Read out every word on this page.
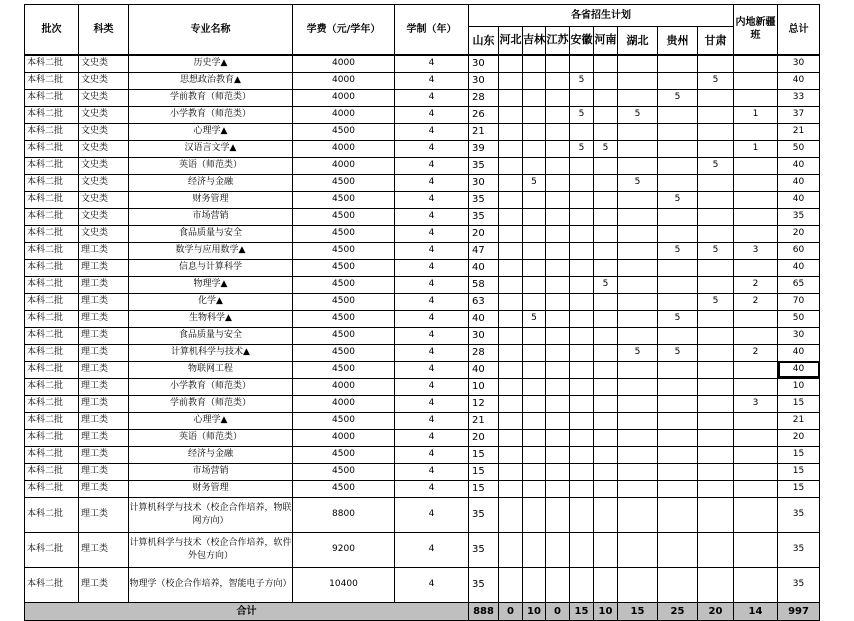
批次	科类	专业名称	学费（元/学年）	学制（年）	各省招生计划									内地新疆班	总计
					山东	河北	吉林	江苏	安徽	河南	湖北	贵州	甘肃		
本科二批	文史类	历史学▲	4000	4	30										30
本科二批	文史类	思想政治教育▲	4000	4	30				5				5		40
本科二批	文史类	学前教育（师范类）	4000	4	28							5			33
本科二批	文史类	小学教育（师范类）	4000	4	26				5		5			1	37
本科二批	文史类	心理学▲	4500	4	21										21
本科二批	文史类	汉语言文学▲	4000	4	39				5	5				1	50
本科二批	文史类	英语（师范类）	4000	4	35								5		40
本科二批	文史类	经济与金融	4500	4	30		5				5				40
本科二批	文史类	财务管理	4500	4	35							5			40
本科二批	文史类	市场营销	4500	4	35										35
本科二批	文史类	食品质量与安全	4500	4	20										20
本科二批	理工类	数学与应用数学▲	4500	4	47							5	5	3	60
本科二批	理工类	信息与计算科学	4500	4	40										40
本科二批	理工类	物理学▲	4500	4	58					5				2	65
本科二批	理工类	化学▲	4500	4	63								5	2	70
本科二批	理工类	生物科学▲	4500	4	40		5					5			50
本科二批	理工类	食品质量与安全	4500	4	30										30
本科二批	理工类	计算机科学与技术▲	4500	4	28						5	5		2	40
本科二批	理工类	物联网工程	4500	4	40										40
本科二批	理工类	小学教育（师范类）	4000	4	10										10
本科二批	理工类	学前教育（师范类）	4000	4	12									3	15
本科二批	理工类	心理学▲	4500	4	21										21
本科二批	理工类	英语（师范类）	4000	4	20										20
本科二批	理工类	经济与金融	4500	4	15										15
本科二批	理工类	市场营销	4500	4	15										15
本科二批	理工类	财务管理	4500	4	15										15
本科二批	理工类	计算机科学与技术（校企合作培养，物联网方向）	8800	4	35										35
本科二批	理工类	计算机科学与技术（校企合作培养，软件外包方向）	9200	4	35										35
本科二批	理工类	物理学（校企合作培养，智能电子方向）	10400	4	35										35
合计					888	0	10	0	15	10	15	25	20	14	997
